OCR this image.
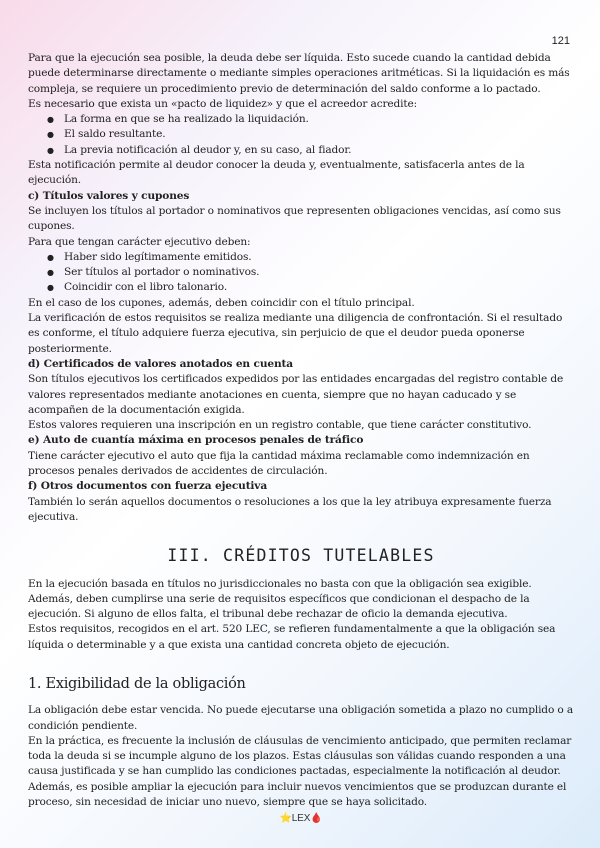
121

Para que la ejecución sea posible, la deuda debe ser líquida. Esto sucede cuando la cantidad debida puede determinarse directamente o mediante simples operaciones aritméticas. Si la liquidación es más compleja, se requiere un procedimiento previo de determinación del saldo conforme a lo pactado.

Es necesario que exista un «pacto de liquidez» y que el acreedor acredite:

● La forma en que se ha realizado la liquidación.
● El saldo resultante.
● La previa notificación al deudor y, en su caso, al fiador.

Esta notificación permite al deudor conocer la deuda y, eventualmente, satisfacerla antes de la ejecución.

c) Títulos valores y cupones

Se incluyen los títulos al portador o nominativos que representen obligaciones vencidas, así como sus cupones.

Para que tengan carácter ejecutivo deben:

● Haber sido legítimamente emitidos.
● Ser títulos al portador o nominativos.
● Coincidir con el libro talonario.

En el caso de los cupones, además, deben coincidir con el título principal.

La verificación de estos requisitos se realiza mediante una diligencia de confrontación. Si el resultado es conforme, el título adquiere fuerza ejecutiva, sin perjuicio de que el deudor pueda oponerse posteriormente.

d) Certificados de valores anotados en cuenta

Son títulos ejecutivos los certificados expedidos por las entidades encargadas del registro contable de valores representados mediante anotaciones en cuenta, siempre que no hayan caducado y se acompañen de la documentación exigida.

Estos valores requieren una inscripción en un registro contable, que tiene carácter constitutivo.

e) Auto de cuantía máxima en procesos penales de tráfico

Tiene carácter ejecutivo el auto que fija la cantidad máxima reclamable como indemnización en procesos penales derivados de accidentes de circulación.

f) Otros documentos con fuerza ejecutiva

También lo serán aquellos documentos o resoluciones a los que la ley atribuya expresamente fuerza ejecutiva.

III. CRÉDITOS TUTELABLES

En la ejecución basada en títulos no jurisdiccionales no basta con que la obligación sea exigible. Además, deben cumplirse una serie de requisitos específicos que condicionan el despacho de la ejecución. Si alguno de ellos falta, el tribunal debe rechazar de oficio la demanda ejecutiva.

Estos requisitos, recogidos en el art. 520 LEC, se refieren fundamentalmente a que la obligación sea líquida o determinable y a que exista una cantidad concreta objeto de ejecución.

1. Exigibilidad de la obligación

La obligación debe estar vencida. No puede ejecutarse una obligación sometida a plazo no cumplido o a condición pendiente.

En la práctica, es frecuente la inclusión de cláusulas de vencimiento anticipado, que permiten reclamar toda la deuda si se incumple alguno de los plazos. Estas cláusulas son válidas cuando responden a una causa justificada y se han cumplido las condiciones pactadas, especialmente la notificación al deudor.

Además, es posible ampliar la ejecución para incluir nuevos vencimientos que se produzcan durante el proceso, sin necesidad de iniciar uno nuevo, siempre que se haya solicitado.

⭐LEX🩸
